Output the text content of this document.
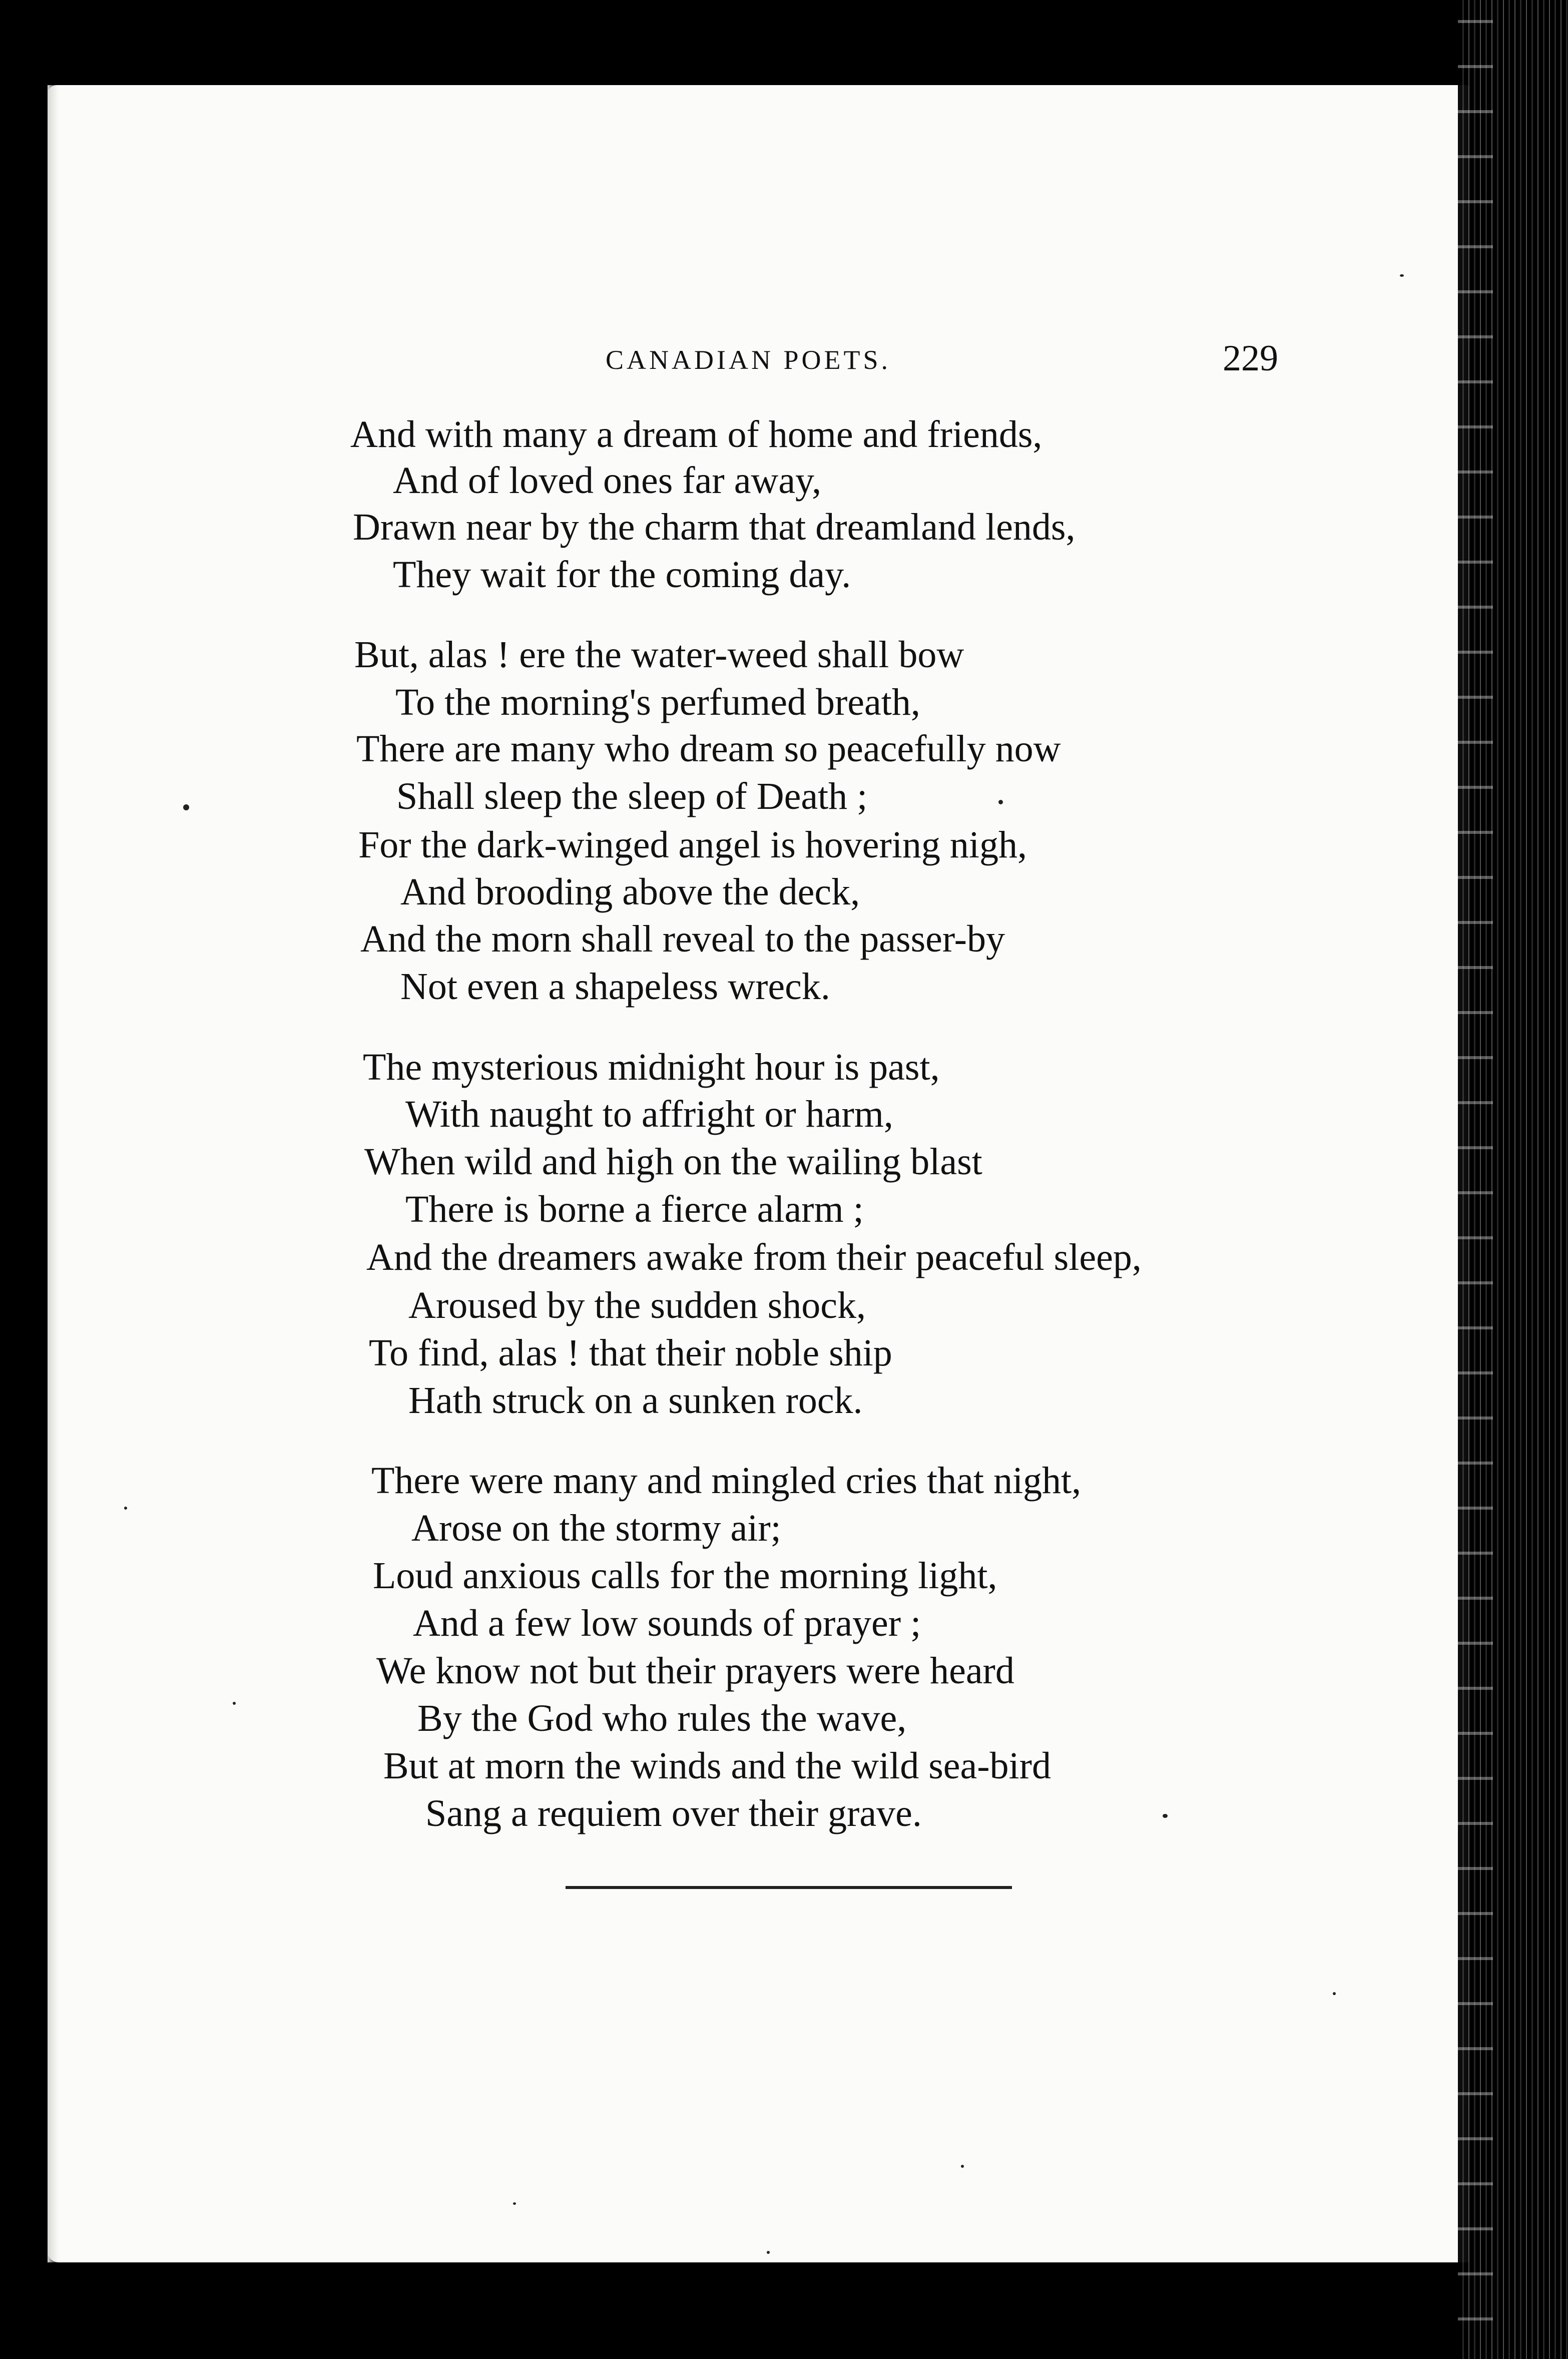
CANADIAN POETS.	229
And with many a dream of home and friends,
And of loved ones far away,
Drawn near by the charm that dreamland lends,
They wait for the coming day.
But, alas ! ere the water-weed shall bow
To the morning's perfumed breath,
There are many who dream so peacefully now
Shall sleep the sleep of Death ;
For the dark-winged angel is hovering nigh,
And brooding above the deck,
And the morn shall reveal to the passer-by
Not even a shapeless wreck.
The mysterious midnight hour is past,
With naught to affright or harm,
When wild and high on the wailing blast
There is borne a fierce alarm ;
And the dreamers awake from their peaceful sleep,
Aroused by the sudden shock,
To find, alas ! that their noble ship
Hath struck on a sunken rock.
There were many and mingled cries that night,
Arose on the stormy air;
Loud anxious calls for the morning light,
And a few low sounds of prayer ;
We know not but their prayers were heard
By the God who rules the wave,
But at morn the winds and the wild sea-bird
Sang a requiem over their grave.
